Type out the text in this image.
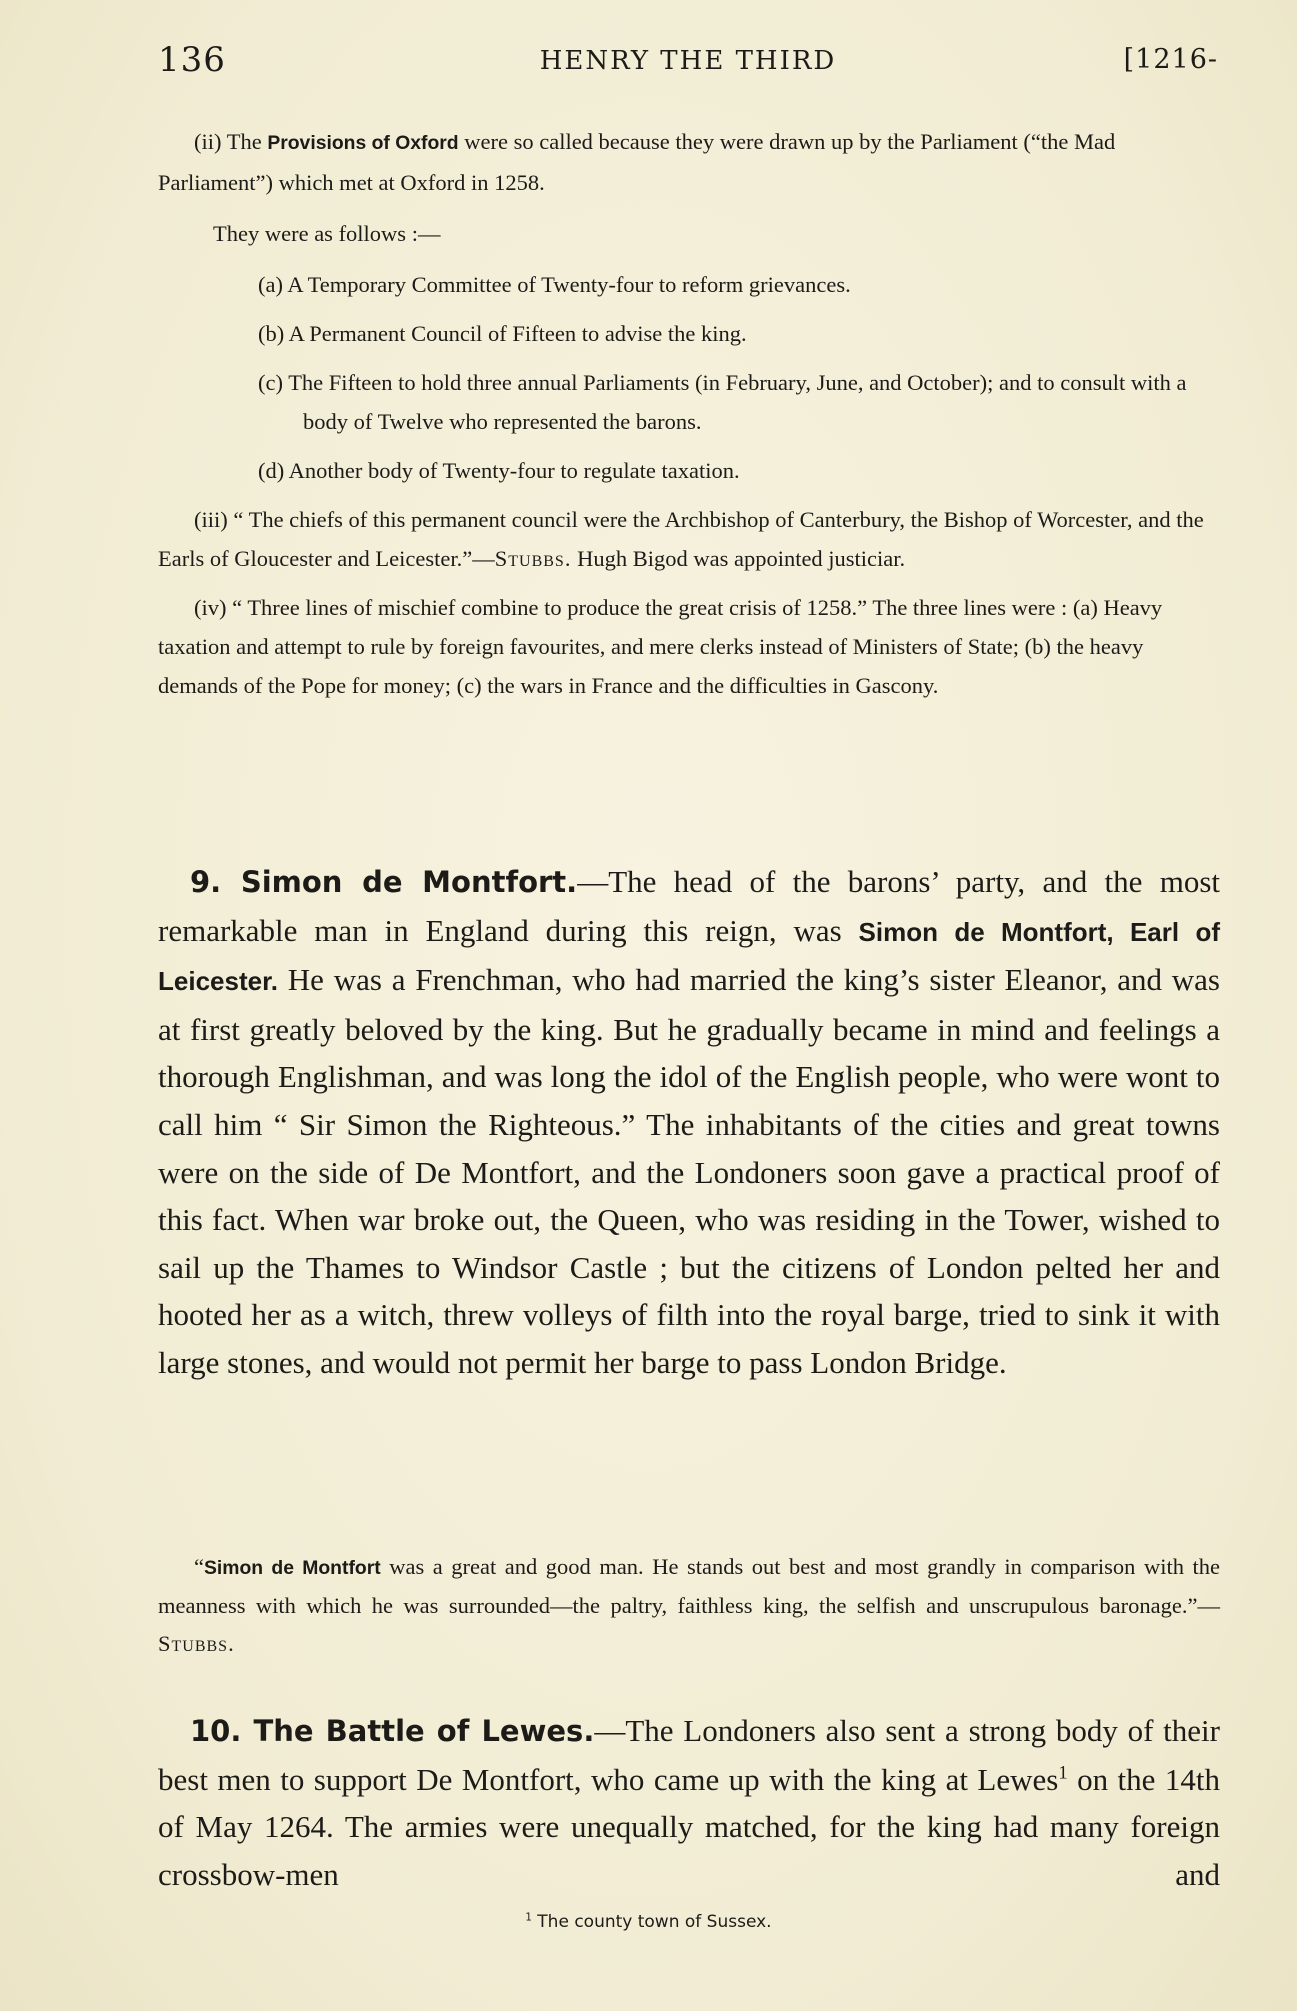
136	HENRY THE THIRD	[1216-

(ii) The Provisions of Oxford were so called because they were drawn up by the Parliament (“the Mad Parliament”) which met at Oxford in 1258.

They were as follows :—

(a) A Temporary Committee of Twenty-four to reform grievances.

(b) A Permanent Council of Fifteen to advise the king.

(c) The Fifteen to hold three annual Parliaments (in February, June, and October); and to consult with a body of Twelve who represented the barons.

(d) Another body of Twenty-four to regulate taxation.

(iii) “ The chiefs of this permanent council were the Archbishop of Canterbury, the Bishop of Worcester, and the Earls of Gloucester and Leicester.”—Stubbs. Hugh Bigod was appointed justiciar.

(iv) “ Three lines of mischief combine to produce the great crisis of 1258.” The three lines were : (a) Heavy taxation and attempt to rule by foreign favourites, and mere clerks instead of Ministers of State; (b) the heavy demands of the Pope for money; (c) the wars in France and the difficulties in Gascony.

9. Simon de Montfort.—The head of the barons’ party, and the most remarkable man in England during this reign, was Simon de Montfort, Earl of Leicester. He was a Frenchman, who had married the king’s sister Eleanor, and was at first greatly beloved by the king. But he gradually became in mind and feelings a thorough Englishman, and was long the idol of the English people, who were wont to call him “ Sir Simon the Righteous.” The inhabitants of the cities and great towns were on the side of De Montfort, and the Londoners soon gave a practical proof of this fact. When war broke out, the Queen, who was residing in the Tower, wished to sail up the Thames to Windsor Castle ; but the citizens of London pelted her and hooted her as a witch, threw volleys of filth into the royal barge, tried to sink it with large stones, and would not permit her barge to pass London Bridge.

“Simon de Montfort was a great and good man. He stands out best and most grandly in comparison with the meanness with which he was surrounded—the paltry, faithless king, the selfish and unscrupulous baronage.”—Stubbs.

10. The Battle of Lewes.—The Londoners also sent a strong body of their best men to support De Montfort, who came up with the king at Lewes$^1$ on the 14th of May 1264. The armies were unequally matched, for the king had many foreign crossbow-men and

$^1$ The county town of Sussex.
